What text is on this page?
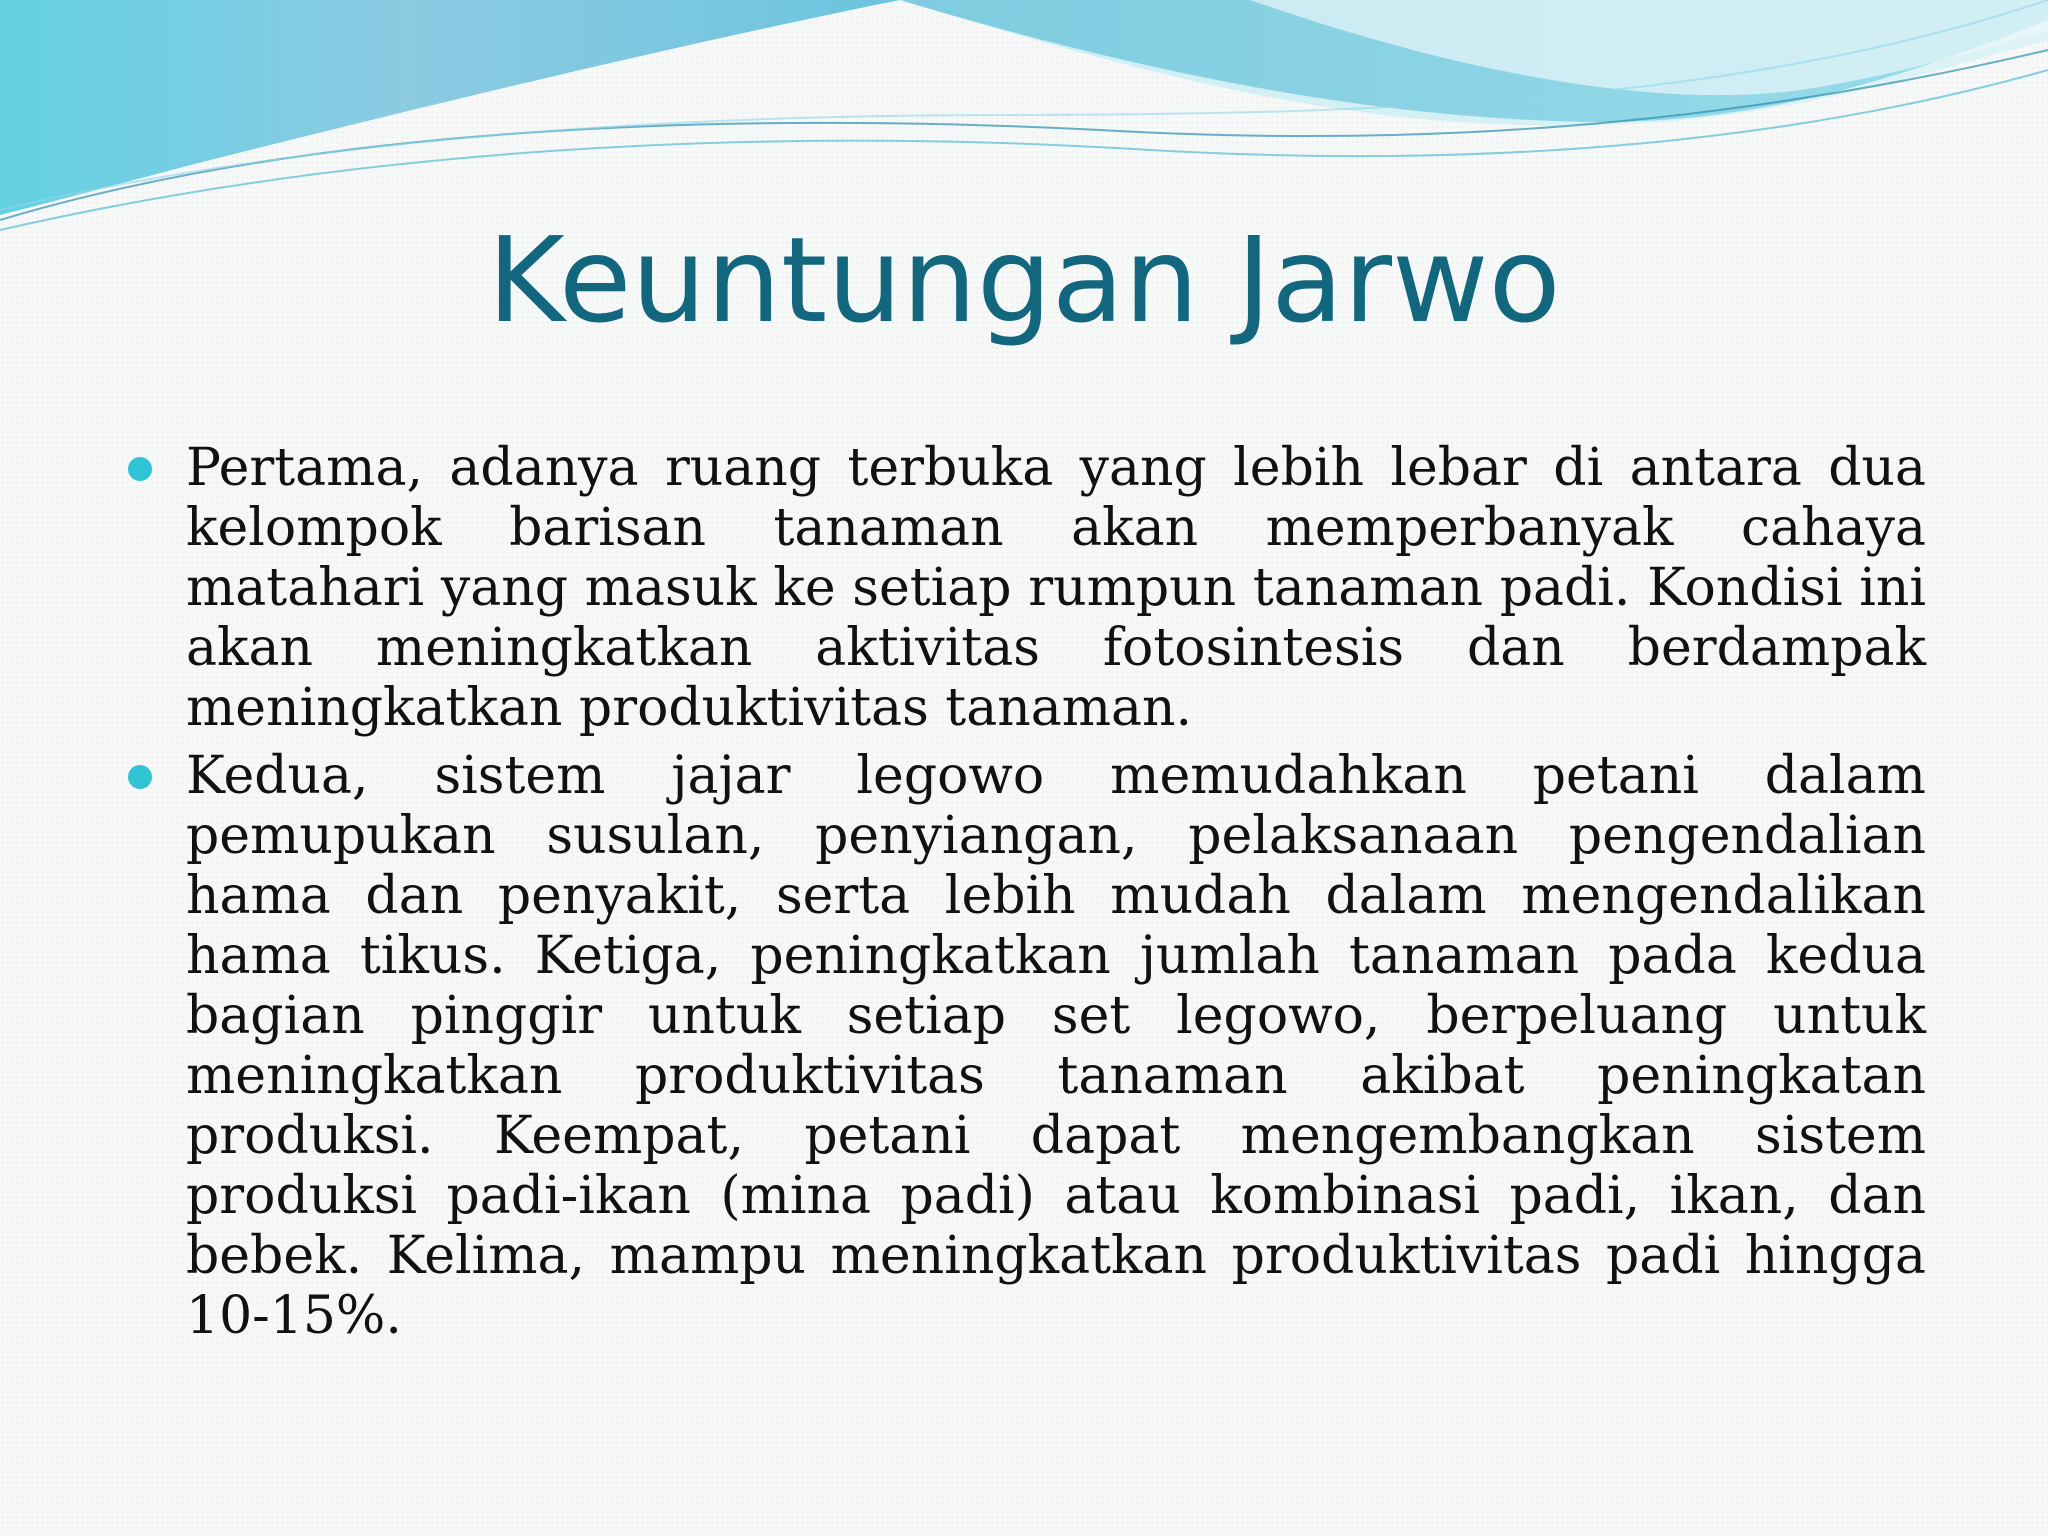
Keuntungan Jarwo
Pertama, adanya ruang terbuka yang lebih lebar di antara dua kelompok barisan tanaman akan memperbanyak cahaya matahari yang masuk ke setiap rumpun tanaman padi. Kondisi ini akan meningkatkan aktivitas fotosintesis dan berdampak meningkatkan produktivitas tanaman.
Kedua, sistem jajar legowo memudahkan petani dalam pemupukan susulan, penyiangan, pelaksanaan pengendalian hama dan penyakit, serta lebih mudah dalam mengendalikan hama tikus. Ketiga, peningkatkan jumlah tanaman pada kedua bagian pinggir untuk setiap set legowo, berpeluang untuk meningkatkan produktivitas tanaman akibat peningkatan produksi. Keempat, petani dapat mengembangkan sistem produksi padi-ikan (mina padi) atau kombinasi padi, ikan, dan bebek. Kelima, mampu meningkatkan produktivitas padi hingga 10-15%.
